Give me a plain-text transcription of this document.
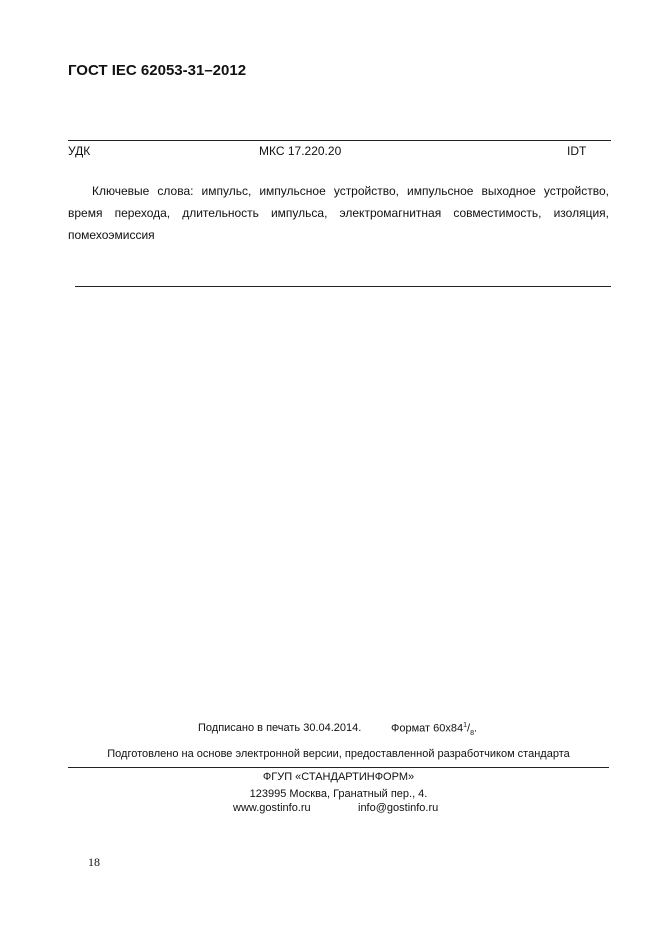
ГОСТ IEC 62053-31–2012
УДК	МКС 17.220.20	IDT
Ключевые слова: импульс, импульсное устройство, импульсное выходное устройство, время перехода, длительность импульса, электромагнитная совместимость, изоляция, помехоэмиссия
Подписано в печать 30.04.2014.	Формат $60x84^1/_8$.
Подготовлено на основе электронной версии, предоставленной разработчиком стандарта
ФГУП «СТАНДАРТИНФОРМ»
123995 Москва, Гранатный пер., 4.
www.gostinfo.ru	info@gostinfo.ru
18
